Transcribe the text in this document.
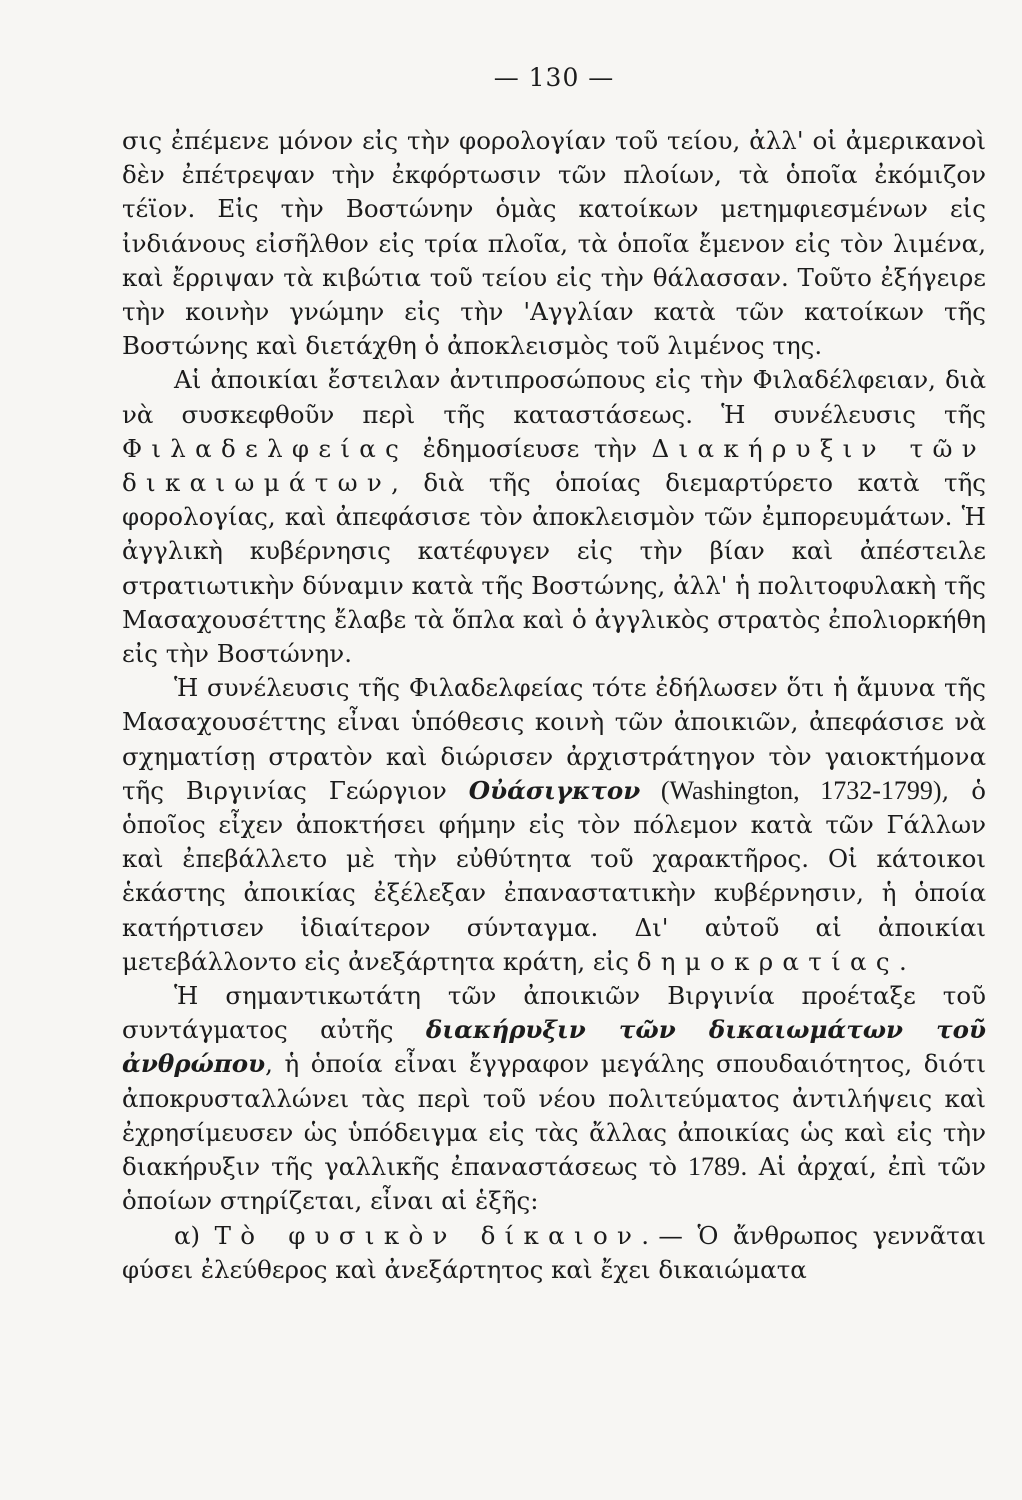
— 130 —

σις ἐπέμενε μόνον εἰς τὴν φορολογίαν τοῦ τείου, ἀλλ' οἱ ἀμερικανοὶ δὲν ἐπέτρεψαν τὴν ἐκφόρτωσιν τῶν πλοίων, τὰ ὁποῖα ἐκόμιζον τέϊον. Εἰς τὴν Βοστώνην ὁμὰς κατοίκων μετημφιεσμένων εἰς ἰνδιάνους εἰσῆλθον εἰς τρία πλοῖα, τὰ ὁποῖα ἔμενον εἰς τὸν λιμένα, καὶ ἔρριψαν τὰ κιβώτια τοῦ τείου εἰς τὴν θάλασσαν. Τοῦτο ἐξήγειρε τὴν κοινὴν γνώμην εἰς τὴν 'Αγγλίαν κατὰ τῶν κατοίκων τῆς Βοστώνης καὶ διετάχθη ὁ ἀποκλεισμὸς τοῦ λιμένος της.

Αἱ ἀποικίαι ἔστειλαν ἀντιπροσώπους εἰς τὴν Φιλαδέλφειαν, διὰ νὰ συσκεφθοῦν περὶ τῆς καταστάσεως. Ἡ συνέλευσις τῆς Φιλαδελφείας ἐδημοσίευσε τὴν Διακήρυξιν τῶν δικαιωμάτων, διὰ τῆς ὁποίας διεμαρτύρετο κατὰ τῆς φορολογίας, καὶ ἀπεφάσισε τὸν ἀποκλεισμὸν τῶν ἐμπορευμάτων. Ἡ ἀγγλικὴ κυβέρνησις κατέφυγεν εἰς τὴν βίαν καὶ ἀπέστειλε στρατιωτικὴν δύναμιν κατὰ τῆς Βοστώνης, ἀλλ' ἡ πολιτοφυλακὴ τῆς Μασαχουσέττης ἔλαβε τὰ ὅπλα καὶ ὁ ἀγγλικὸς στρατὸς ἐπολιορκήθη εἰς τὴν Βοστώνην.

Ἡ συνέλευσις τῆς Φιλαδελφείας τότε ἐδήλωσεν ὅτι ἡ ἄμυνα τῆς Μασαχουσέττης εἶναι ὑπόθεσις κοινὴ τῶν ἀποικιῶν, ἀπεφάσισε νὰ σχηματίσῃ στρατὸν καὶ διώρισεν ἀρχιστράτηγον τὸν γαιοκτήμονα τῆς Βιργινίας Γεώργιον Οὐάσιγκτον (Washington, 1732-1799), ὁ ὁποῖος εἶχεν ἀποκτήσει φήμην εἰς τὸν πόλεμον κατὰ τῶν Γάλλων καὶ ἐπεβάλλετο μὲ τὴν εὐθύτητα τοῦ χαρακτῆρος. Οἱ κάτοικοι ἑκάστης ἀποικίας ἐξέλεξαν ἐπαναστατικὴν κυβέρνησιν, ἡ ὁποία κατήρτισεν ἰδιαίτερον σύνταγμα. Δι' αὐτοῦ αἱ ἀποικίαι μετεβάλλοντο εἰς ἀνεξάρτητα κράτη, εἰς δημοκρατίας.

Ἡ σημαντικωτάτη τῶν ἀποικιῶν Βιργινία προέταξε τοῦ συντάγματος αὐτῆς διακήρυξιν τῶν δικαιωμάτων τοῦ ἀνθρώπου, ἡ ὁποία εἶναι ἔγγραφον μεγάλης σπουδαιότητος, διότι ἀποκρυσταλλώνει τὰς περὶ τοῦ νέου πολιτεύματος ἀντιλήψεις καὶ ἐχρησίμευσεν ὡς ὑπόδειγμα εἰς τὰς ἄλλας ἀποικίας ὡς καὶ εἰς τὴν διακήρυξιν τῆς γαλλικῆς ἐπαναστάσεως τὸ 1789. Αἱ ἀρχαί, ἐπὶ τῶν ὁποίων στηρίζεται, εἶναι αἱ ἑξῆς:

α) Τὸ φυσικὸν δίκαιον.— Ὁ ἄνθρωπος γεννᾶται φύσει ἐλεύθερος καὶ ἀνεξάρτητος καὶ ἔχει δικαιώματα
